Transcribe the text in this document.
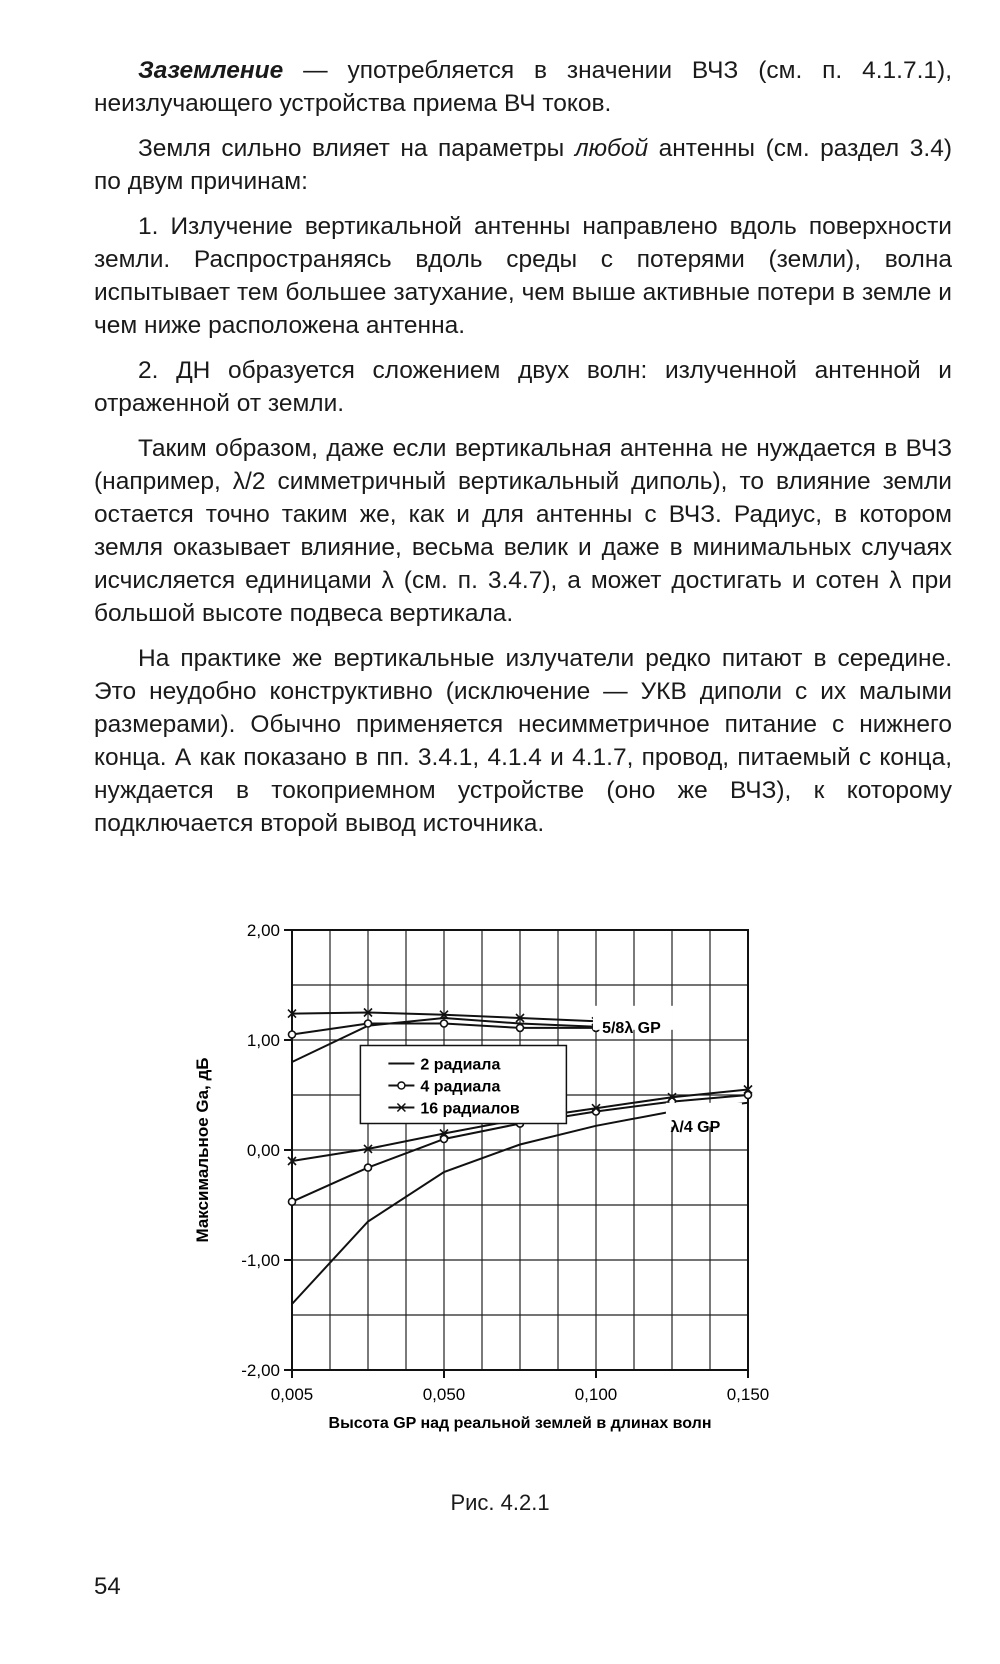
Заземление — употребляется в значении ВЧЗ (см. п. 4.1.7.1), неизлучающего устройства приема ВЧ токов.

Земля сильно влияет на параметры любой антенны (см. раздел 3.4) по двум причинам:

1. Излучение вертикальной антенны направлено вдоль поверхности земли. Распространяясь вдоль среды с потерями (земли), волна испытывает тем большее затухание, чем выше активные потери в земле и чем ниже расположена антенна.

2. ДН образуется сложением двух волн: излученной антенной и отраженной от земли.

Таким образом, даже если вертикальная антенна не нуждается в ВЧЗ (например, λ/2 симметричный вертикальный диполь), то влияние земли остается точно таким же, как и для антенны с ВЧЗ. Радиус, в котором земля оказывает влияние, весьма велик и даже в минимальных случаях исчисляется единицами λ (см. п. 3.4.7), а может достигать и сотен λ при большой высоте подвеса вертикала.

На практике же вертикальные излучатели редко питают в середине. Это неудобно конструктивно (исключение — УКВ диполи с их малыми размерами). Обычно применяется несимметричное питание с нижнего конца. А как показано в пп. 3.4.1, 4.1.4 и 4.1.7, провод, питаемый с конца, нуждается в токоприемном устройстве (оно же ВЧЗ), к которому подключается второй вывод источника.

-2,00
-1,00
0,00
1,00
2,00
0,005	0,050	0,100	0,150
Высота GP над реальной землей в длинах волн
Максимальное Ga, дБ
5/8λ GP
λ/4 GP
2 радиала
4 радиала
16 радиалов
Рис. 4.2.1
54
